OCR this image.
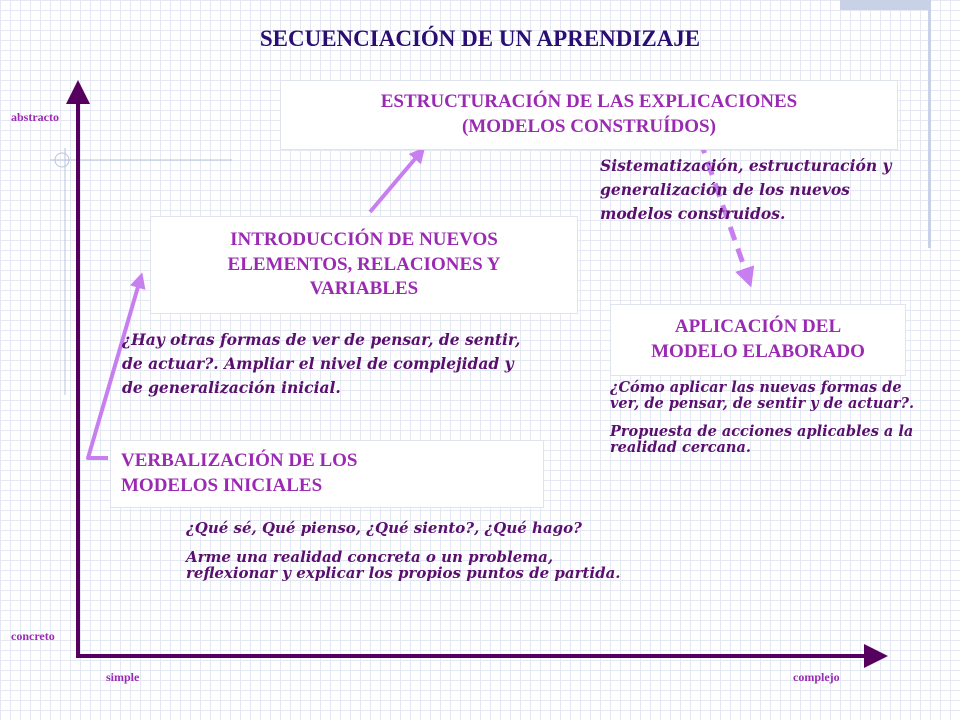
SECUENCIACIÓN DE UN APRENDIZAJE
abstracto
concreto
simple	complejo
ESTRUCTURACIÓN DE LAS EXPLICACIONES
(MODELOS CONSTRUÍDOS)
INTRODUCCIÓN DE NUEVOS
ELEMENTOS, RELACIONES Y
VARIABLES
APLICACIÓN DEL
MODELO ELABORADO
VERBALIZACIÓN DE LOS
MODELOS INICIALES

Sistematización, estructuración y generalización de los nuevos modelos construidos.

¿Hay otras formas de ver de pensar, de sentir, de actuar?. Ampliar el nivel de complejidad y de generalización inicial.	¿Cómo aplicar las nuevas formas de ver, de pensar, de sentir y de actuar?.

Propuesta de acciones aplicables a la realidad cercana.

¿Qué sé, Qué pienso, ¿Qué siento?, ¿Qué hago?

Arme una realidad concreta o un problema, reflexionar y explicar los propios puntos de partida.
